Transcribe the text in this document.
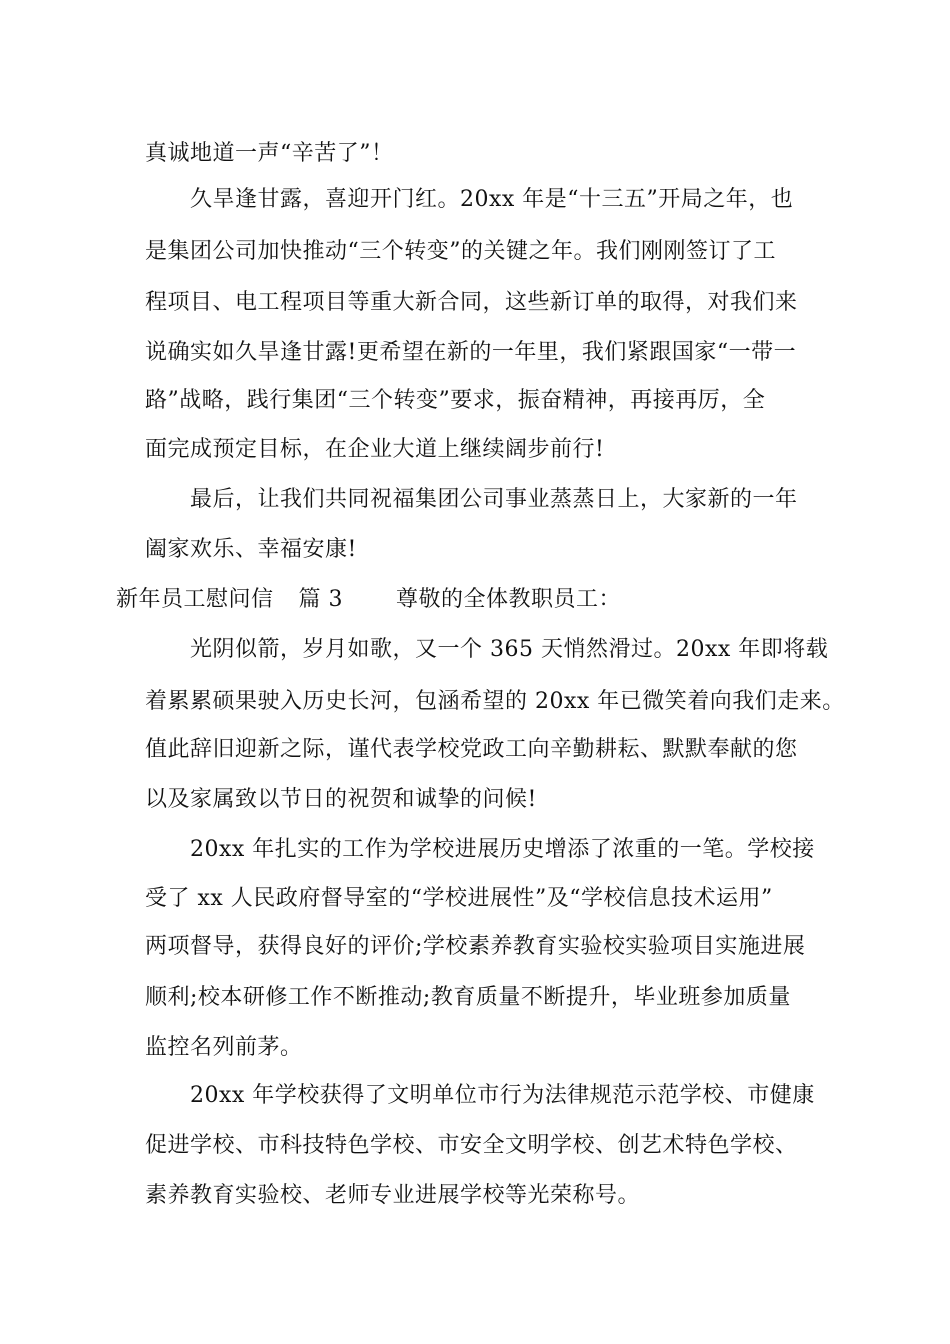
真诚地道一声“辛苦了”！
久旱逢甘露，喜迎开门红。20xx 年是“十三五”开局之年，也
是集团公司加快推动“三个转变”的关键之年。我们刚刚签订了工
程项目、电工程项目等重大新合同，这些新订单的取得，对我们来
说确实如久旱逢甘露!更希望在新的一年里，我们紧跟国家“一带一
路”战略，践行集团“三个转变”要求，振奋精神，再接再厉，全
面完成预定目标，在企业大道上继续阔步前行!
最后，让我们共同祝福集团公司事业蒸蒸日上，大家新的一年
阖家欢乐、幸福安康!
新年员工慰问信 篇 3 尊敬的全体教职员工：
光阴似箭，岁月如歌，又一个 365 天悄然滑过。20xx 年即将载
着累累硕果驶入历史长河，包涵希望的 20xx 年已微笑着向我们走来。
值此辞旧迎新之际，谨代表学校党政工向辛勤耕耘、默默奉献的您
以及家属致以节日的祝贺和诚挚的问候!
20xx 年扎实的工作为学校进展历史增添了浓重的一笔。学校接
受了 xx 人民政府督导室的“学校进展性”及“学校信息技术运用”
两项督导，获得良好的评价;学校素养教育实验校实验项目实施进展
顺利;校本研修工作不断推动;教育质量不断提升，毕业班参加质量
监控名列前茅。
20xx 年学校获得了文明单位市行为法律规范示范学校、市健康
促进学校、市科技特色学校、市安全文明学校、创艺术特色学校、
素养教育实验校、老师专业进展学校等光荣称号。
